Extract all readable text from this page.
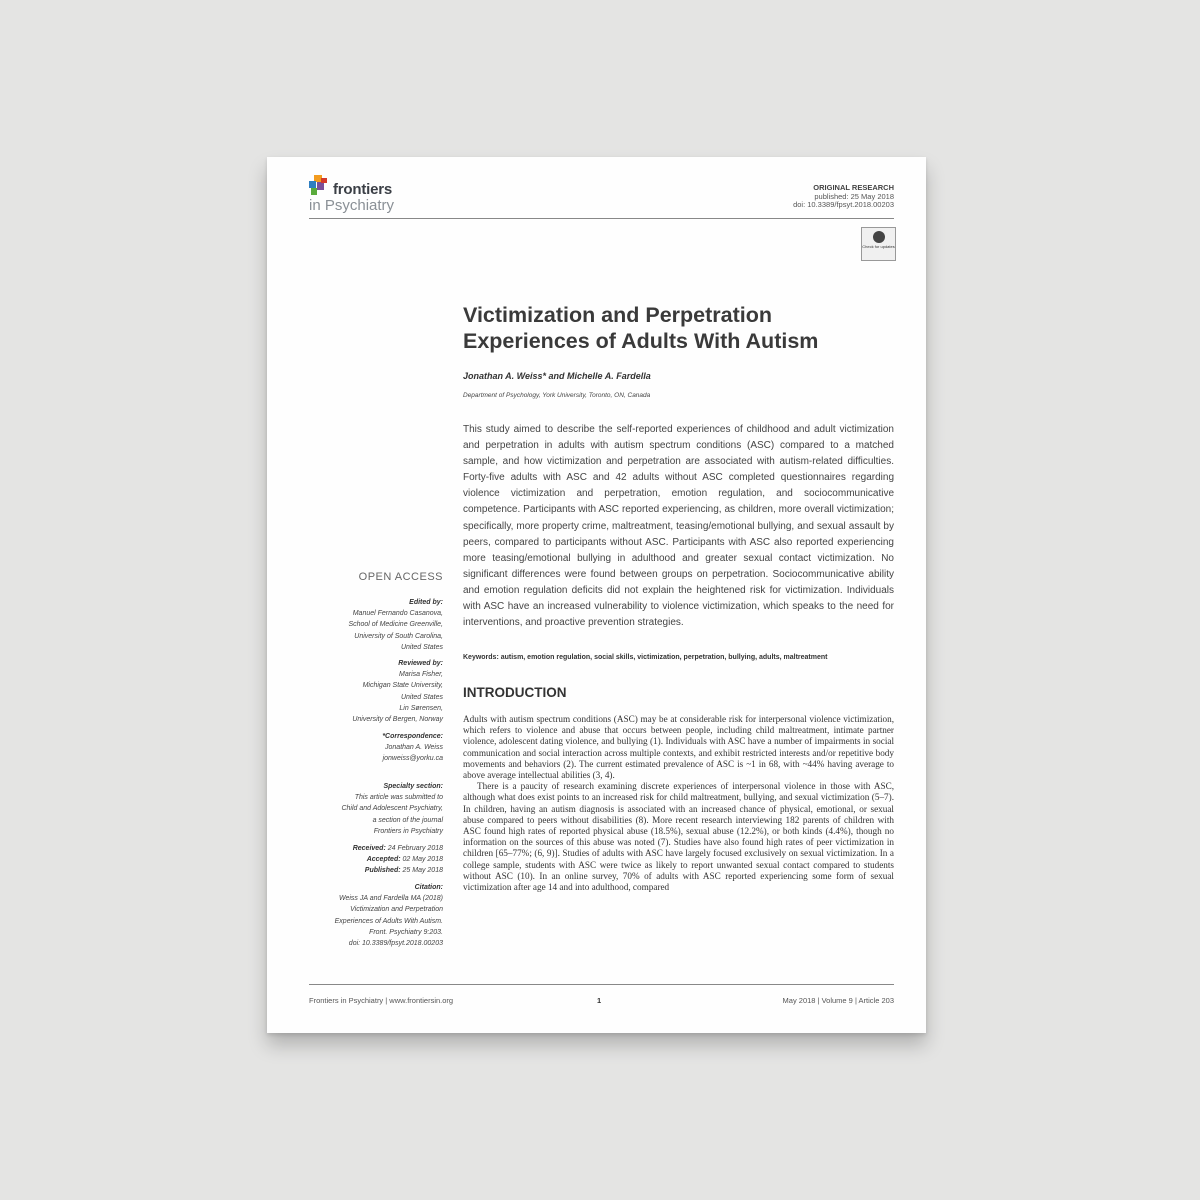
frontiers
in Psychiatry
ORIGINAL RESEARCH
published: 25 May 2018
doi: 10.3389/fpsyt.2018.00203
Check for updates
Victimization and Perpetration Experiences of Adults With Autism
Jonathan A. Weiss* and Michelle A. Fardella
Department of Psychology, York University, Toronto, ON, Canada
This study aimed to describe the self-reported experiences of childhood and adult victimization and perpetration in adults with autism spectrum conditions (ASC) compared to a matched sample, and how victimization and perpetration are associated with autism-related difficulties. Forty-five adults with ASC and 42 adults without ASC completed questionnaires regarding violence victimization and perpetration, emotion regulation, and sociocommunicative competence. Participants with ASC reported experiencing, as children, more overall victimization; specifically, more property crime, maltreatment, teasing/emotional bullying, and sexual assault by peers, compared to participants without ASC. Participants with ASC also reported experiencing more teasing/emotional bullying in adulthood and greater sexual contact victimization. No significant differences were found between groups on perpetration. Sociocommunicative ability and emotion regulation deficits did not explain the heightened risk for victimization. Individuals with ASC have an increased vulnerability to violence victimization, which speaks to the need for interventions, and proactive prevention strategies.
Keywords: autism, emotion regulation, social skills, victimization, perpetration, bullying, adults, maltreatment
INTRODUCTION

Adults with autism spectrum conditions (ASC) may be at considerable risk for interpersonal violence victimization, which refers to violence and abuse that occurs between people, including child maltreatment, intimate partner violence, adolescent dating violence, and bullying (1). Individuals with ASC have a number of impairments in social communication and social interaction across multiple contexts, and exhibit restricted interests and/or repetitive body movements and behaviors (2). The current estimated prevalence of ASC is ~1 in 68, with ~44% having average to above average intellectual abilities (3, 4).

There is a paucity of research examining discrete experiences of interpersonal violence in those with ASC, although what does exist points to an increased risk for child maltreatment, bullying, and sexual victimization (5–7). In children, having an autism diagnosis is associated with an increased chance of physical, emotional, or sexual abuse compared to peers without disabilities (8). More recent research interviewing 182 parents of children with ASC found high rates of reported physical abuse (18.5%), sexual abuse (12.2%), or both kinds (4.4%), though no information on the sources of this abuse was noted (7). Studies have also found high rates of peer victimization in children [65–77%; (6, 9)]. Studies of adults with ASC have largely focused exclusively on sexual victimization. In a college sample, students with ASC were twice as likely to report unwanted sexual contact compared to students without ASC (10). In an online survey, 70% of adults with ASC reported experiencing some form of sexual victimization after age 14 and into adulthood, compared

OPEN ACCESS
Edited by:
Manuel Fernando Casanova,
School of Medicine Greenville,
University of South Carolina,
United States
Reviewed by:
Marisa Fisher,
Michigan State University,
United States
Lin Sørensen,
University of Bergen, Norway
*Correspondence:
Jonathan A. Weiss
jonweiss@yorku.ca
Specialty section:
This article was submitted to
Child and Adolescent Psychiatry,
a section of the journal
Frontiers in Psychiatry
Received: 24 February 2018
Accepted: 02 May 2018
Published: 25 May 2018
Citation:
Weiss JA and Fardella MA (2018)
Victimization and Perpetration
Experiences of Adults With Autism.
Front. Psychiatry 9:203.
doi: 10.3389/fpsyt.2018.00203
Frontiers in Psychiatry | www.frontiersin.org	1	May 2018 | Volume 9 | Article 203
